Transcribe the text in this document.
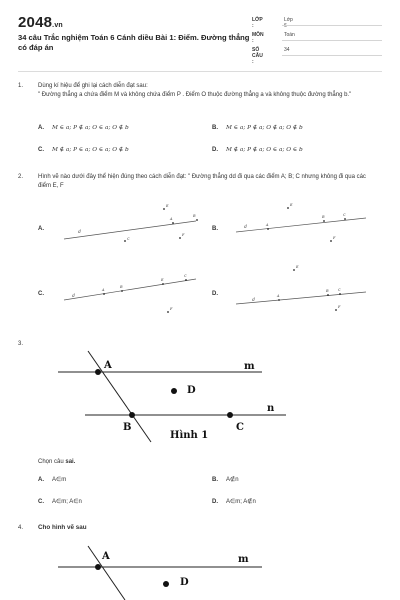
2048.vn
34 câu Trắc nghiệm Toán 6 Cánh diều Bài 1: Điểm. Đường thẳng có đáp án
LỚP :
Lớp 6
MÔN :
Toán
SỐ CÂU :
34
1. Dùng kí hiệu để ghi lại cách diễn đạt sau:
" Đường thẳng a chứa điểm M và không chứa điểm P . Điểm O thuộc đường thẳng a và không thuộc đường thẳng b."
A. M ∈ a; P ∉ a; O ∈ a; O ∉ b	B. M ∈ a; P ∉ a; O ∉ a; O ∉ b
C. M ∉ a; P ∈ a; O ∈ a; O ∉ b	D. M ∉ a; P ∉ a; O ∈ a; O ∈ b
2. Hình vẽ nào dưới đây thể hiện đúng theo cách diễn đạt: " Đường thẳng dd đi qua các điểm A; B; C nhưng không đi qua các điểm E, F
A.
d
E
B
A
C
F
B.	d
E
A
B	C
F
C.	d
A
B
E
C
F
D.
d
E
F
A
B	C
3.
A	m
D
n
B	C
Hình 1
Chọn câu sai.
A. A∈m	B. A∉n
C. A∈m; A∈n	D. A∈m; A∉n
4. Cho hình vẽ sau
A	m
D
